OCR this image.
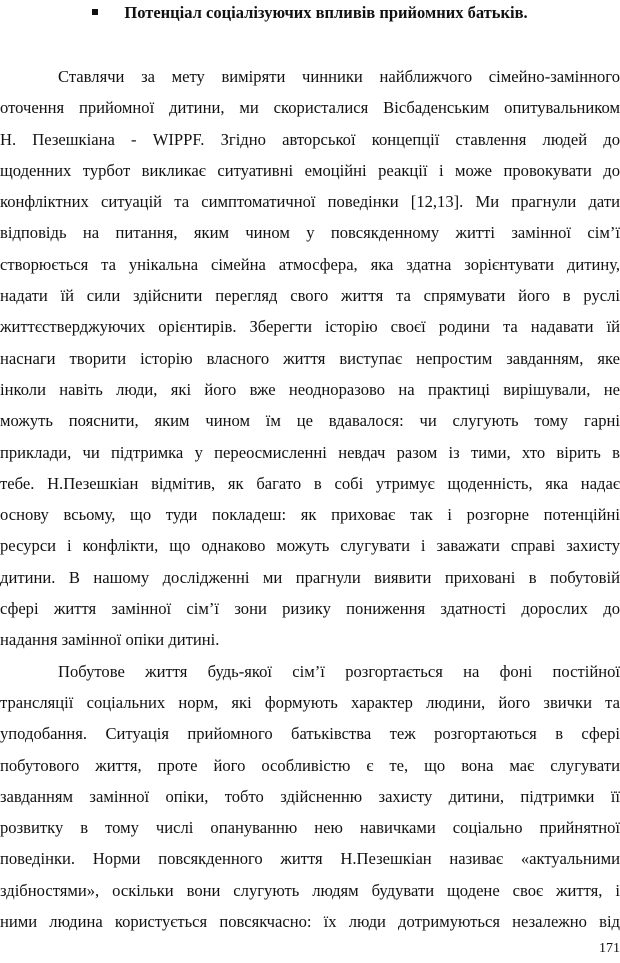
Потенціал соціалізуючих впливів прийомних батьків.
Ставлячи за мету виміряти чинники найближчого сімейно-замінного
оточення прийомної дитини, ми скористалися Вісбаденським опитувальником
Н. Пезешкіана - WIPPF. Згідно авторської концепції ставлення людей до
щоденних турбот викликає ситуативні емоційні реакції і може провокувати до
конфліктних ситуацій та симптоматичної поведінки [12,13]. Ми прагнули дати
відповідь на питання, яким чином у повсякденному житті замінної сім’ї
створюється та унікальна сімейна атмосфера, яка здатна зорієнтувати дитину,
надати їй сили здійснити перегляд свого життя та спрямувати його в руслі
життєстверджуючих орієнтирів. Зберегти історію своєї родини та надавати їй
наснаги творити історію власного життя виступає непростим завданням, яке
інколи навіть люди, які його вже неодноразово на практиці вирішували, не
можуть пояснити, яким чином їм це вдавалося: чи слугують тому гарні
приклади, чи підтримка у переосмисленні невдач разом із тими, хто вірить в
тебе. Н.Пезешкіан відмітив, як багато в собі утримує щоденність, яка надає
основу всьому, що туди покладеш: як приховає так і розгорне потенційні
ресурси і конфлікти, що однаково можуть слугувати і заважати справі захисту
дитини. В нашому дослідженні ми прагнули виявити приховані в побутовій
сфері життя замінної сім’ї зони ризику пониження здатності дорослих до
надання замінної опіки дитині.
Побутове життя будь-якої сім’ї розгортається на фоні постійної
трансляції соціальних норм, які формують характер людини, його звички та
уподобання. Ситуація прийомного батьківства теж розгортаються в сфері
побутового життя, проте його особливістю є те, що вона має слугувати
завданням замінної опіки, тобто здійсненню захисту дитини, підтримки її
розвитку в тому числі опануванню нею навичками соціально прийнятної
поведінки. Норми повсякденного життя Н.Пезешкіан називає «актуальними
здібностями», оскільки вони слугують людям будувати щодене своє життя, і
ними людина користується повсякчасно: їх люди дотримуються незалежно від
171
